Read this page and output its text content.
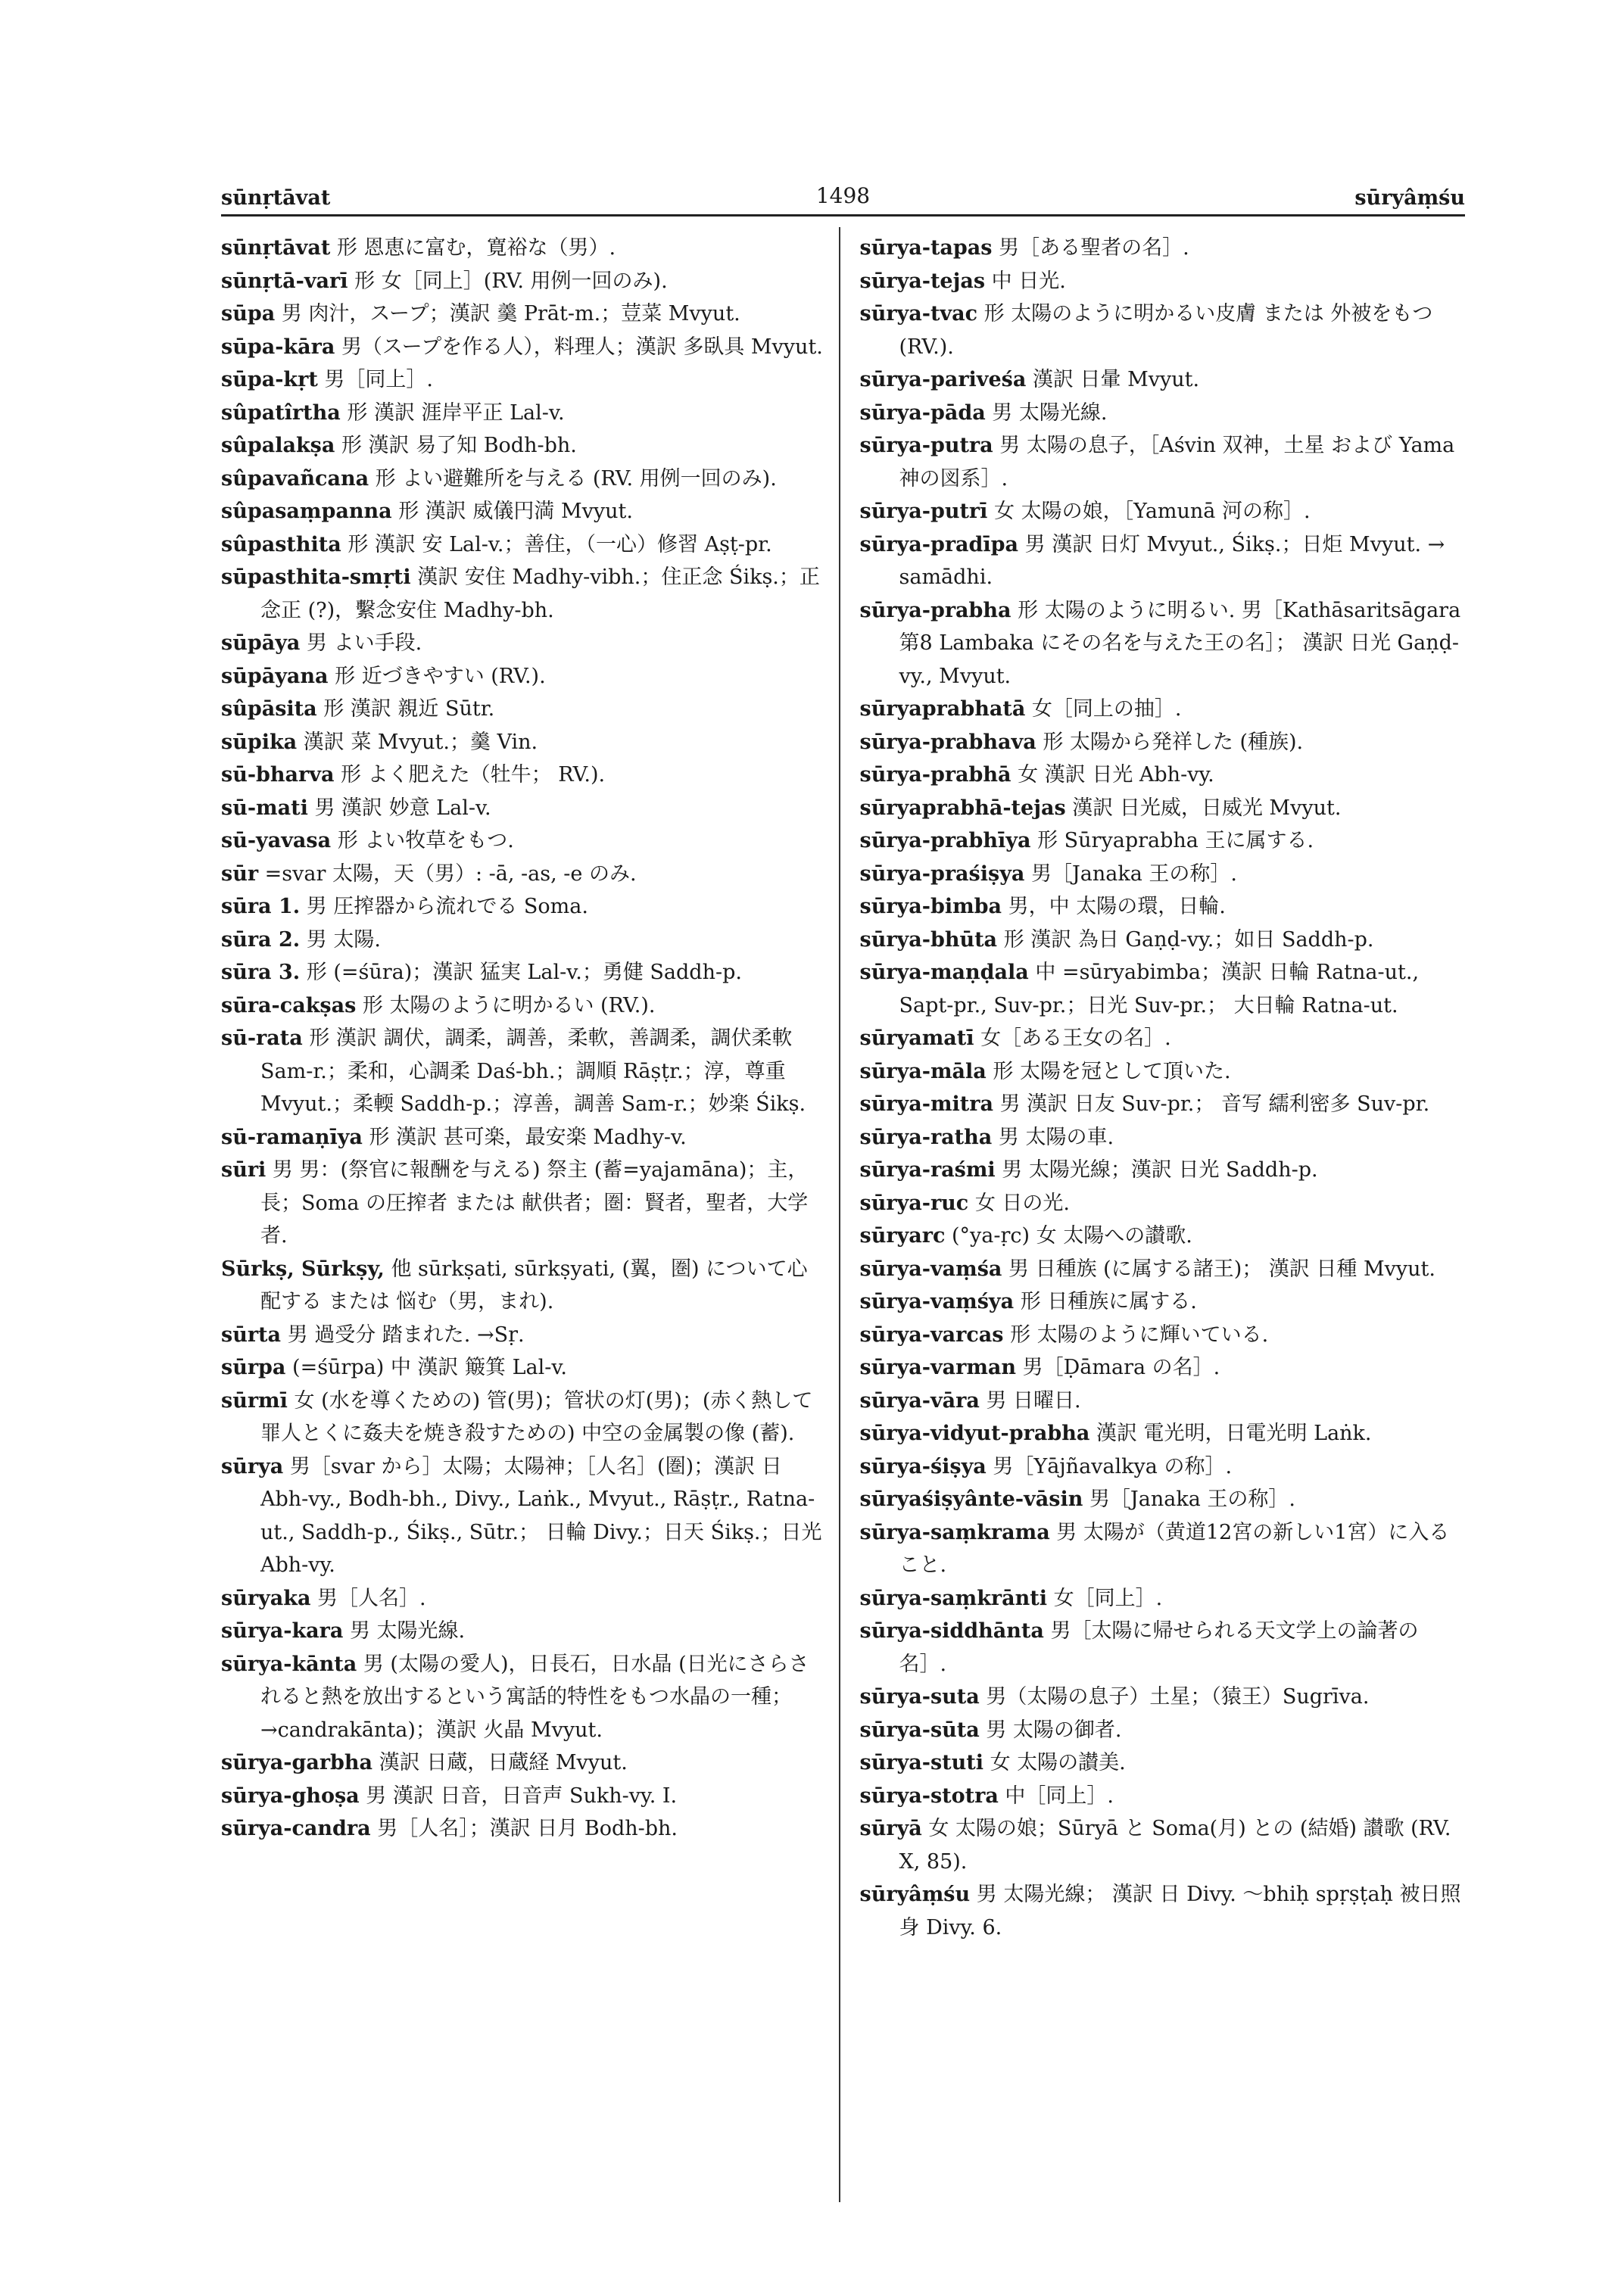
sūnṛtāvat	1498	sūryâṃśu

sūnṛtāvat 形 恩恵に富む，寛裕な（男）.

sūnṛtā-varī 形 女［同上］(RV. 用例一回のみ).

sūpa 男 肉汁，スープ；漢訳 羹 Prāt-m.；荳菜 Mvyut.

sūpa-kāra 男（スープを作る人），料理人；漢訳 多臥具 Mvyut.

sūpa-kṛt 男［同上］.

sûpatîrtha 形 漢訳 涯岸平正 Lal-v.

sûpalakṣa 形 漢訳 易了知 Bodh-bh.

sûpavañcana 形 よい避難所を与える (RV. 用例一回のみ).

sûpasaṃpanna 形 漢訳 威儀円満 Mvyut.

sûpasthita 形 漢訳 安 Lal-v.；善住，（一心）修習 Aṣṭ-pr.

sūpasthita-smṛti 漢訳 安住 Madhy-vibh.；住正念 Śikṣ.；正念正 (?)，繫念安住 Madhy-bh.

sūpāya 男 よい手段.

sūpāyana 形 近づきやすい (RV.).

sûpāsita 形 漢訳 親近 Sūtr.

sūpika 漢訳 菜 Mvyut.；羹 Vin.

sū-bharva 形 よく肥えた（牡牛； RV.).

sū-mati 男 漢訳 妙意 Lal-v.

sū-yavasa 形 よい牧草をもつ.

sūr =svar 太陽，天（男）: -ā, -as, -e のみ.

sūra 1. 男 圧搾器から流れでる Soma.

sūra 2. 男 太陽.

sūra 3. 形 (=śūra)；漢訳 猛実 Lal-v.；勇健 Saddh-p.

sūra-cakṣas 形 太陽のように明かるい (RV.).

sū-rata 形 漢訳 調伏，調柔，調善，柔軟，善調柔，調伏柔軟 Sam-r.；柔和，心調柔 Daś-bh.；調順 Rāṣṭr.；淳，尊重 Mvyut.；柔輭 Saddh-p.；淳善，調善 Sam-r.；妙楽 Śikṣ.

sū-ramaṇīya 形 漢訳 甚可楽，最安楽 Madhy-v.

sūri 男 男：(祭官に報酬を与える) 祭主 (蓄=yajamāna)；主，長；Soma の圧搾者 または 献供者；圏：賢者，聖者，大学者.

Sūrkṣ, Sūrkṣy, 他 sūrkṣati, sūrkṣyati, (翼，圏) について心配する または 悩む（男，まれ).

sūrta 男 過受分 踏まれた. →Sṛ.

sūrpa (=śūrpa) 中 漢訳 簸箕 Lal-v.

sūrmī 女 (水を導くための) 管(男)；管状の灯(男)；(赤く熱して罪人とくに姦夫を焼き殺すための) 中空の金属製の像 (蓄).

sūrya 男［svar から］太陽；太陽神；［人名］(圏)；漢訳 日 Abh-vy., Bodh-bh., Divy., Laṅk., Mvyut., Rāṣṭr., Ratna-ut., Saddh-p., Śikṣ., Sūtr.； 日輪 Divy.；日天 Śikṣ.；日光 Abh-vy.

sūryaka 男［人名］.

sūrya-kara 男 太陽光線.

sūrya-kānta 男 (太陽の愛人)，日長石，日水晶 (日光にさらされると熱を放出するという寓話的特性をもつ水晶の一種； →candrakānta)；漢訳 火晶 Mvyut.

sūrya-garbha 漢訳 日蔵，日蔵経 Mvyut.

sūrya-ghoṣa 男 漢訳 日音，日音声 Sukh-vy. I.

sūrya-candra 男［人名］；漢訳 日月 Bodh-bh.

sūrya-tapas 男［ある聖者の名］.

sūrya-tejas 中 日光.

sūrya-tvac 形 太陽のように明かるい皮膚 または 外被をもつ (RV.).

sūrya-pariveśa 漢訳 日暈 Mvyut.

sūrya-pāda 男 太陽光線.

sūrya-putra 男 太陽の息子，［Aśvin 双神，土星 および Yama 神の図系］.

sūrya-putrī 女 太陽の娘，［Yamunā 河の称］.

sūrya-pradīpa 男 漢訳 日灯 Mvyut., Śikṣ.；日炬 Mvyut. → samādhi.

sūrya-prabha 形 太陽のように明るい. 男［Kathāsaritsāgara 第8 Lambaka にその名を与えた王の名］； 漢訳 日光 Gaṇḍ-vy., Mvyut.

sūryaprabhatā 女［同上の抽］.

sūrya-prabhava 形 太陽から発祥した (種族).

sūrya-prabhā 女 漢訳 日光 Abh-vy.

sūryaprabhā-tejas 漢訳 日光威，日威光 Mvyut.

sūrya-prabhīya 形 Sūryaprabha 王に属する.

sūrya-praśiṣya 男［Janaka 王の称］.

sūrya-bimba 男，中 太陽の環，日輪.

sūrya-bhūta 形 漢訳 為日 Gaṇḍ-vy.；如日 Saddh-p.

sūrya-maṇḍala 中 =sūryabimba；漢訳 日輪 Ratna-ut., Sapt-pr., Suv-pr.；日光 Suv-pr.； 大日輪 Ratna-ut.

sūryamatī 女［ある王女の名］.

sūrya-māla 形 太陽を冠として頂いた.

sūrya-mitra 男 漢訳 日友 Suv-pr.； 音写 繻利密多 Suv-pr.

sūrya-ratha 男 太陽の車.

sūrya-raśmi 男 太陽光線；漢訳 日光 Saddh-p.

sūrya-ruc 女 日の光.

sūryarc (°ya-ṛc) 女 太陽への讃歌.

sūrya-vaṃśa 男 日種族 (に属する諸王)； 漢訳 日種 Mvyut.

sūrya-vaṃśya 形 日種族に属する.

sūrya-varcas 形 太陽のように輝いている.

sūrya-varman 男［Ḍāmara の名］.

sūrya-vāra 男 日曜日.

sūrya-vidyut-prabha 漢訳 電光明，日電光明 Laṅk.

sūrya-śiṣya 男［Yājñavalkya の称］.

sūryaśiṣyânte-vāsin 男［Janaka 王の称］.

sūrya-saṃkrama 男 太陽が（黄道12宮の新しい1宮）に入ること.

sūrya-saṃkrānti 女［同上］.

sūrya-siddhānta 男［太陽に帰せられる天文学上の論著の名］.

sūrya-suta 男（太陽の息子）土星；（猿王）Sugrīva.

sūrya-sūta 男 太陽の御者.

sūrya-stuti 女 太陽の讃美.

sūrya-stotra 中［同上］.

sūryā 女 太陽の娘；Sūryā と Soma(月) との (結婚) 讃歌 (RV. X, 85).

sūryâṃśu 男 太陽光線； 漢訳 日 Divy. ～bhiḥ spṛṣṭaḥ 被日照身 Divy. 6.
